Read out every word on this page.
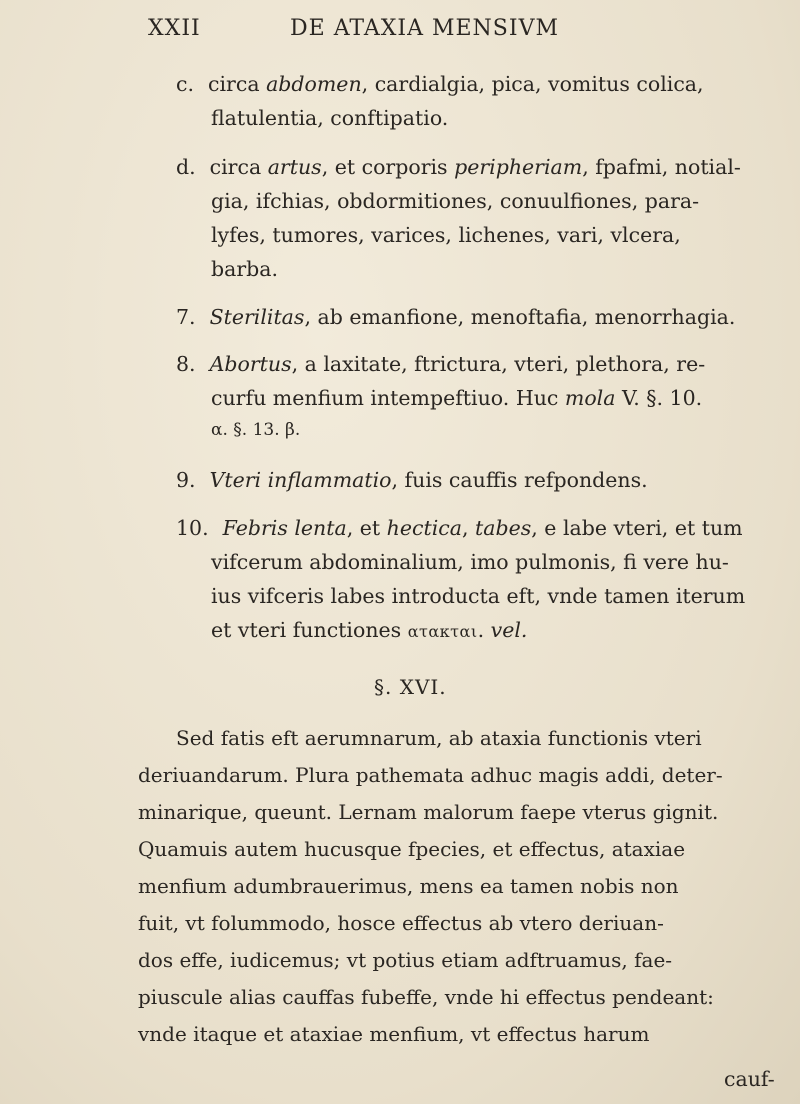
XXII	DE ATAXIA MENSIVM
c. circa abdomen, cardialgia, pica, vomitus colica,
flatulentia, conftipatio.
d. circa artus, et corporis peripheriam, fpafmi, notial-
gia, ifchias, obdormitiones, conuulfiones, para-
lyfes, tumores, varices, lichenes, vari, vlcera,
barba.
7. Sterilitas, ab emanfione, menoftafia, menorrhagia.
8. Abortus, a laxitate, ftrictura, vteri, plethora, re-
curfu menfium intempeftiuo. Huc mola V. §. 10.
α. §. 13. β.
9. Vteri inflammatio, fuis cauffis refpondens.
10. Febris lenta, et hectica, tabes, e labe vteri, et tum
vifcerum abdominalium, imo pulmonis, fi vere hu-
ius vifceris labes introducta eft, vnde tamen iterum
et vteri functiones ατακται. vel.
§. XVI.
Sed fatis eft aerumnarum, ab ataxia functionis vteri
deriuandarum. Plura pathemata adhuc magis addi, deter-
minarique, queunt. Lernam malorum faepe vterus gignit.
Quamuis autem hucusque fpecies, et effectus, ataxiae
menfium adumbrauerimus, mens ea tamen nobis non
fuit, vt folummodo, hosce effectus ab vtero deriuan-
dos effe, iudicemus; vt potius etiam adftruamus, fae-
piuscule alias cauffas fubeffe, vnde hi effectus pendeant:
vnde itaque et ataxiae menfium, vt effectus harum
cauf-
